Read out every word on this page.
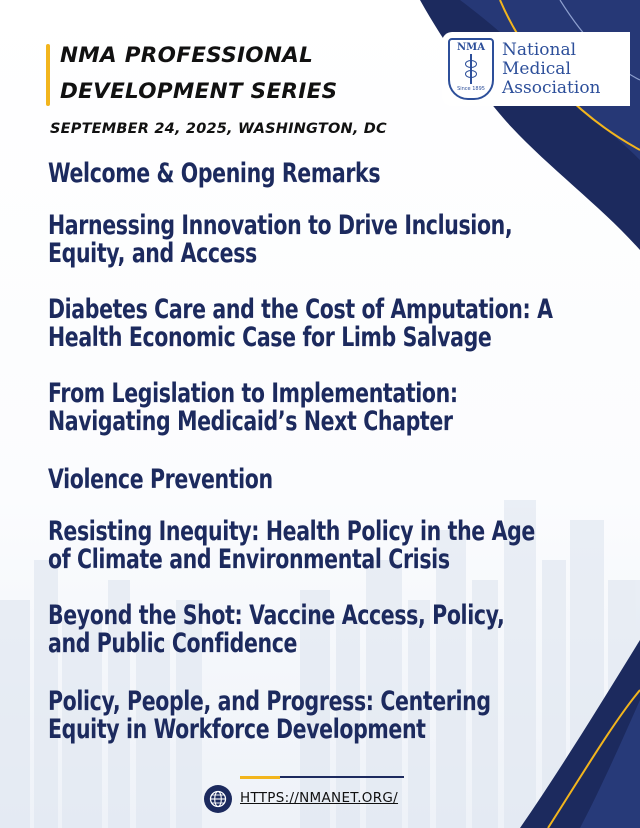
NMA PROFESSIONAL
DEVELOPMENT SERIES
SEPTEMBER 24, 2025, WASHINGTON, DC
NMA
Since 1895
National
Medical
Association
Welcome & Opening Remarks
Harnessing Innovation to Drive Inclusion,
Equity, and Access
Diabetes Care and the Cost of Amputation: A
Health Economic Case for Limb Salvage
From Legislation to Implementation:
Navigating Medicaid’s Next Chapter
Violence Prevention
Resisting Inequity: Health Policy in the Age
of Climate and Environmental Crisis
Beyond the Shot: Vaccine Access, Policy,
and Public Confidence
Policy, People, and Progress: Centering
Equity in Workforce Development
HTTPS://NMANET.ORG/
